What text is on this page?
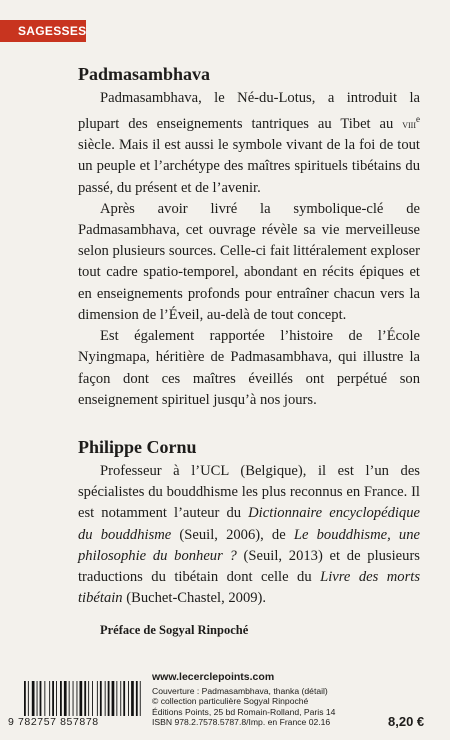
SAGESSES
Padmasambhava

Padmasambhava, le Né-du-Lotus, a introduit la plupart des enseignements tantriques au Tibet au viii$^e$ siècle. Mais il est aussi le symbole vivant de la foi de tout un peuple et l’archétype des maîtres spirituels tibétains du passé, du présent et de l’avenir.

Après avoir livré la symbolique-clé de Padmasambhava, cet ouvrage révèle sa vie merveilleuse selon plusieurs sources. Celle-ci fait littéralement exploser tout cadre spatio-temporel, abondant en récits épiques et en enseignements profonds pour entraîner chacun vers la dimension de l’Éveil, au-delà de tout concept.

Est également rapportée l’histoire de l’École Nyingmapa, héritière de Padmasambhava, qui illustre la façon dont ces maîtres éveillés ont perpétué son enseignement spirituel jusqu’à nos jours.

Philippe Cornu

Professeur à l’UCL (Belgique), il est l’un des spécialistes du bouddhisme les plus reconnus en France. Il est notamment l’auteur du Dictionnaire encyclopédique du bouddhisme (Seuil, 2006), de Le bouddhisme, une philosophie du bonheur ? (Seuil, 2013) et de plusieurs traductions du tibétain dont celle du Livre des morts tibétain (Buchet-Chastel, 2009).

Préface de Sogyal Rinpoché
9 782757 857878
www.lecerclepoints.com
Couverture : Padmasambhava, thanka (détail)
© collection particulière Sogyal Rinpoché
Éditions Points, 25 bd Romain-Rolland, Paris 14
ISBN 978.2.7578.5787.8/Imp. en France 02.16	8,20 €
